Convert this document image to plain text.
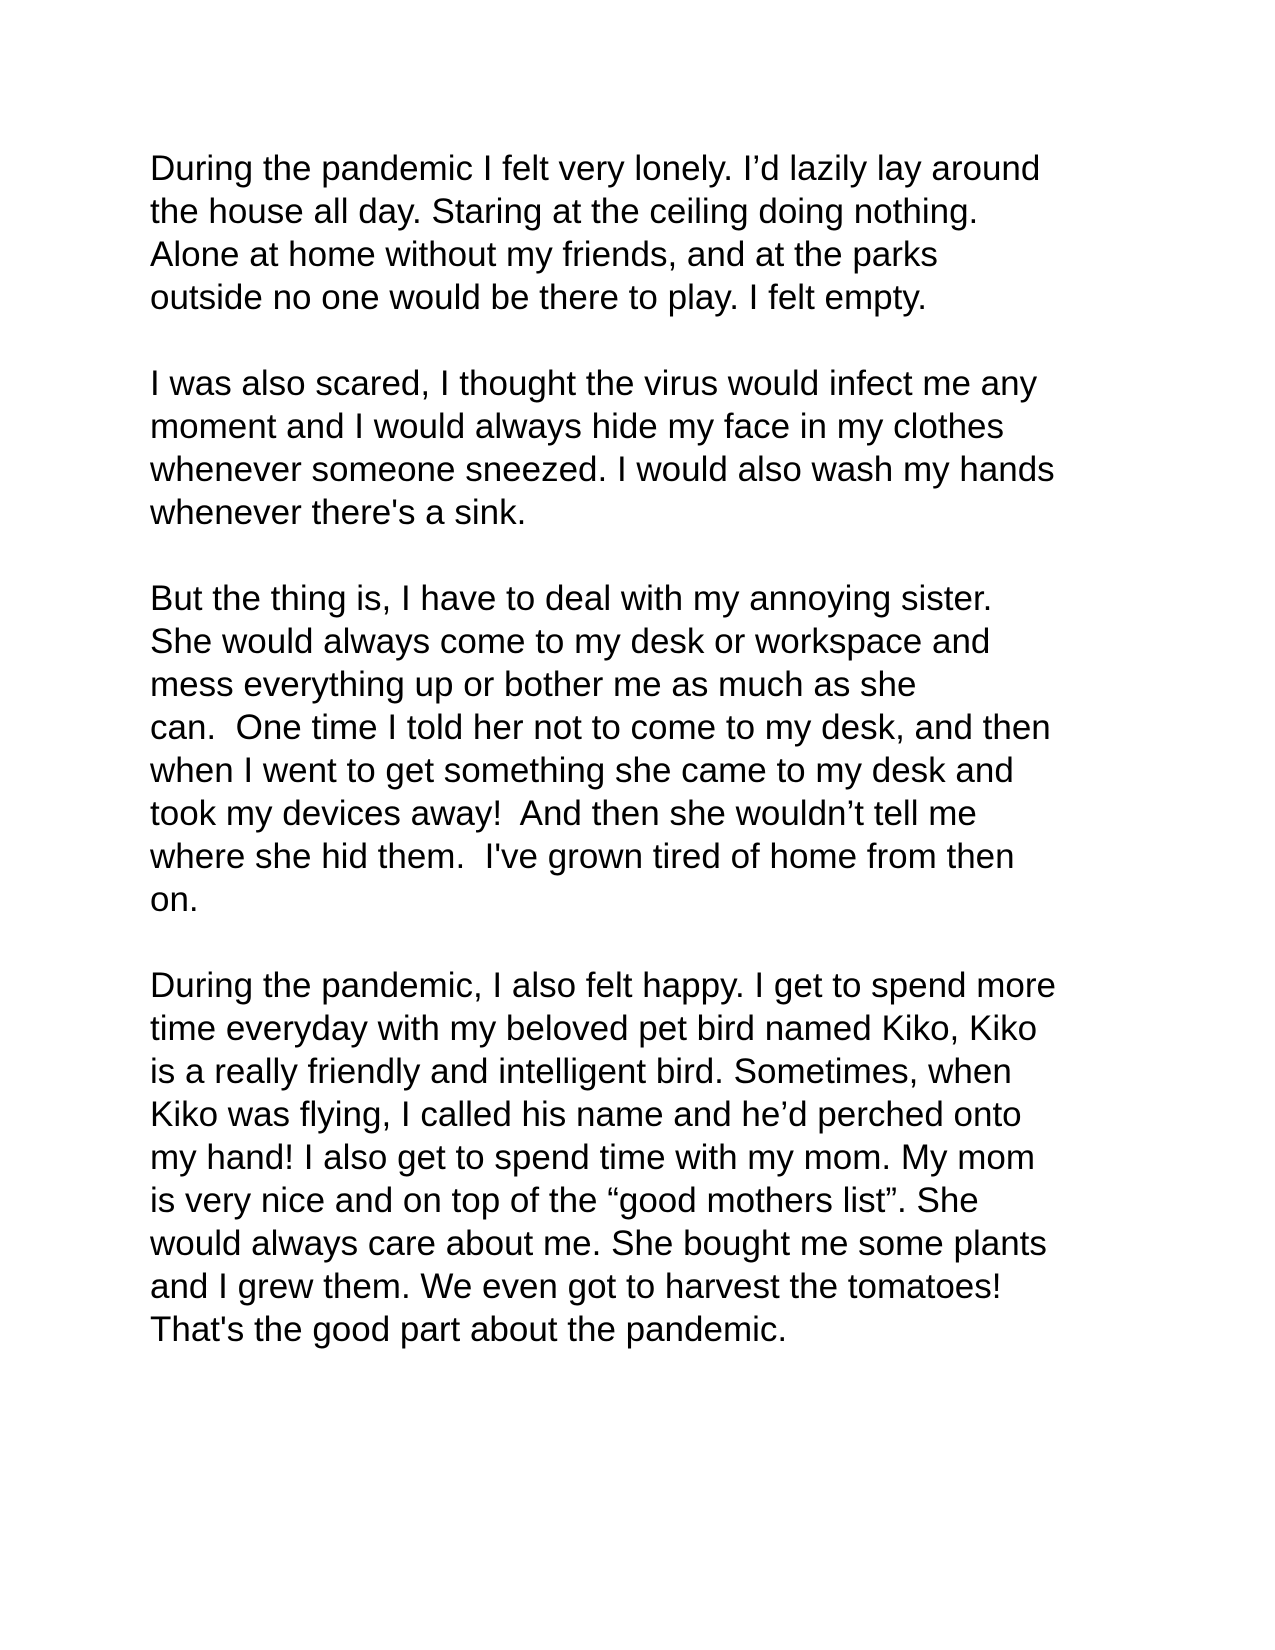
During the pandemic I felt very lonely. I’d lazily lay around
the house all day. Staring at the ceiling doing nothing.
Alone at home without my friends, and at the parks
outside no one would be there to play. I felt empty.
I was also scared, I thought the virus would infect me any
moment and I would always hide my face in my clothes
whenever someone sneezed. I would also wash my hands
whenever there's a sink.
But the thing is, I have to deal with my annoying sister.
She would always come to my desk or workspace and
mess everything up or bother me as much as she
can.  One time I told her not to come to my desk, and then
when I went to get something she came to my desk and
took my devices away!  And then she wouldn’t tell me
where she hid them.  I've grown tired of home from then
on.
During the pandemic, I also felt happy. I get to spend more
time everyday with my beloved pet bird named Kiko, Kiko
is a really friendly and intelligent bird. Sometimes, when
Kiko was flying, I called his name and he’d perched onto
my hand! I also get to spend time with my mom. My mom
is very nice and on top of the “good mothers list”. She
would always care about me. She bought me some plants
and I grew them. We even got to harvest the tomatoes!
That's the good part about the pandemic.
